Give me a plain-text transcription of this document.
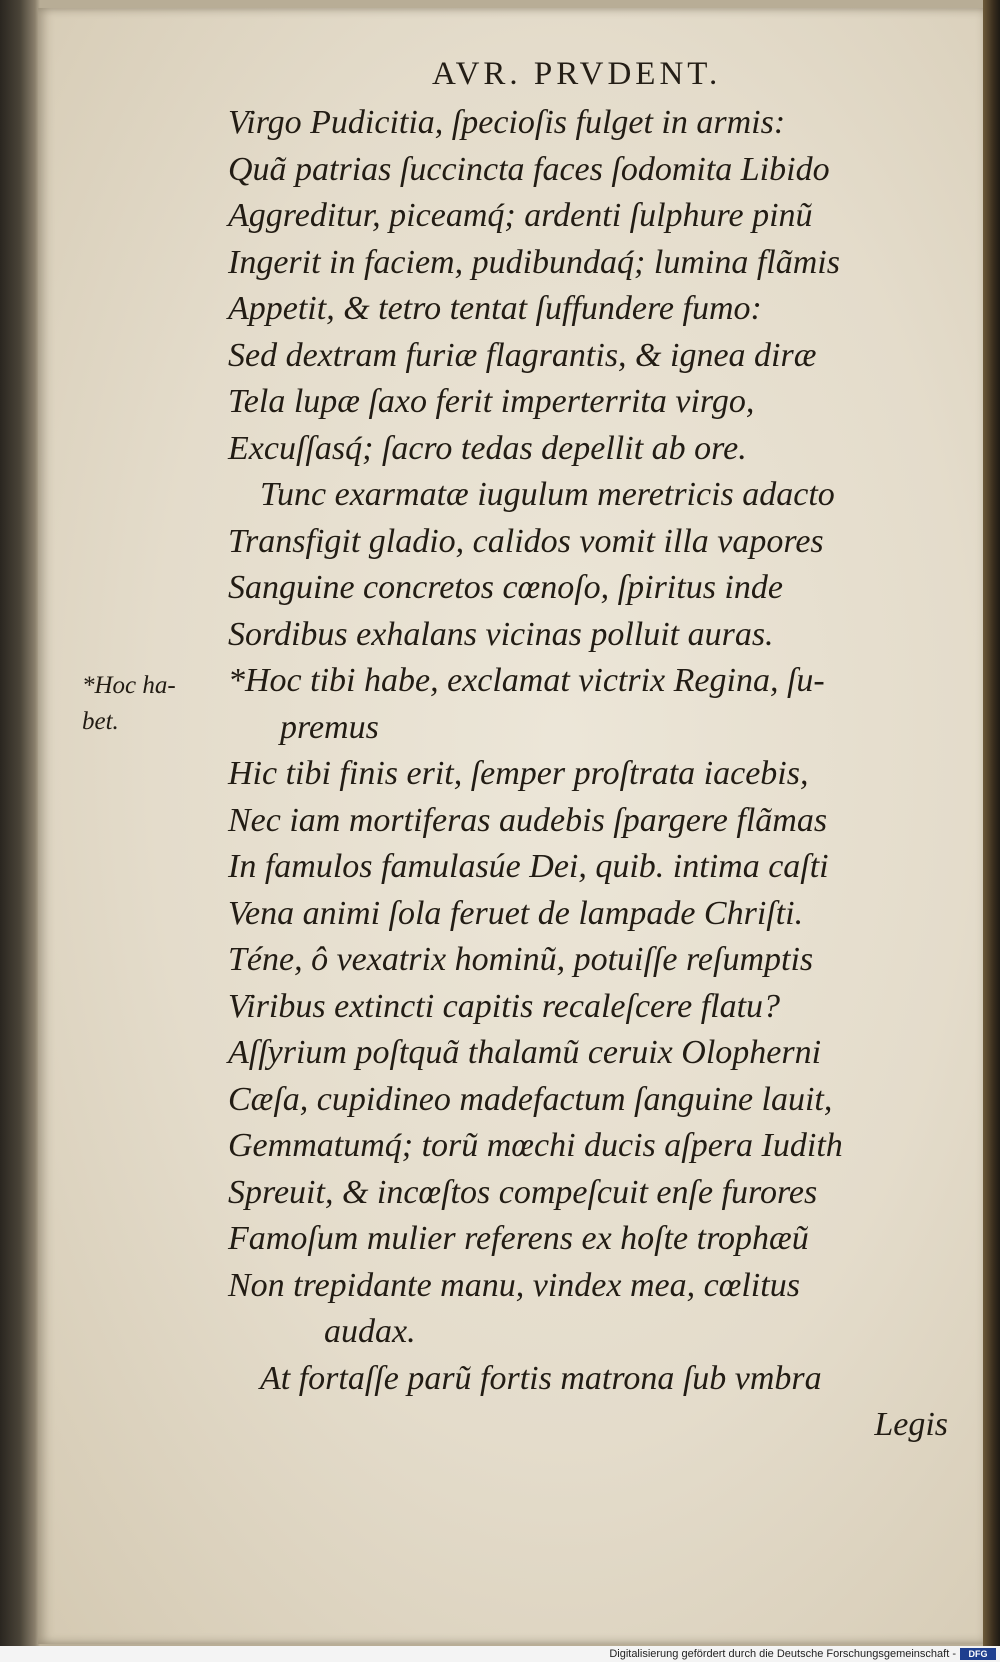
AVR. PRVDENT.
*Hoc ha-
bet.
Virgo Pudicitia, ſpecioſis fulget in armis:
Quã patrias ſuccincta faces ſodomita Libido
Aggreditur, piceamq́; ardenti ſulphure pinũ
Ingerit in faciem, pudibundaq́; lumina flãmis
Appetit, & tetro tentat ſuffundere fumo:
Sed dextram furiæ flagrantis, & ignea diræ
Tela lupæ ſaxo ferit imperterrita virgo,
Excuſſasq́; ſacro tedas depellit ab ore.
Tunc exarmatæ iugulum meretricis adacto
Transfigit gladio, calidos vomit illa vapores
Sanguine concretos cœnoſo, ſpiritus inde
Sordibus exhalans vicinas polluit auras.
*Hoc tibi habe, exclamat victrix Regina, ſu-
premus
Hic tibi finis erit, ſemper proſtrata iacebis,
Nec iam mortiferas audebis ſpargere flãmas
In famulos famulasúe Dei, quib. intima caſti
Vena animi ſola feruet de lampade Chriſti.
Téne, ô vexatrix hominũ, potuiſſe reſumptis
Viribus extincti capitis recaleſcere flatu?
Aſſyrium poſtquã thalamũ ceruix Olopherni
Cæſa, cupidineo madefactum ſanguine lauit,
Gemmatumq́; torũ mœchi ducis aſpera Iudith
Spreuit, & incœſtos compeſcuit enſe furores
Famoſum mulier referens ex hoſte trophæũ
Non trepidante manu, vindex mea, cœlitus
audax.
At fortaſſe parũ fortis matrona ſub vmbra
Legis
Digitalisierung gefördert durch die Deutsche Forschungsgemeinschaft -	DFG
